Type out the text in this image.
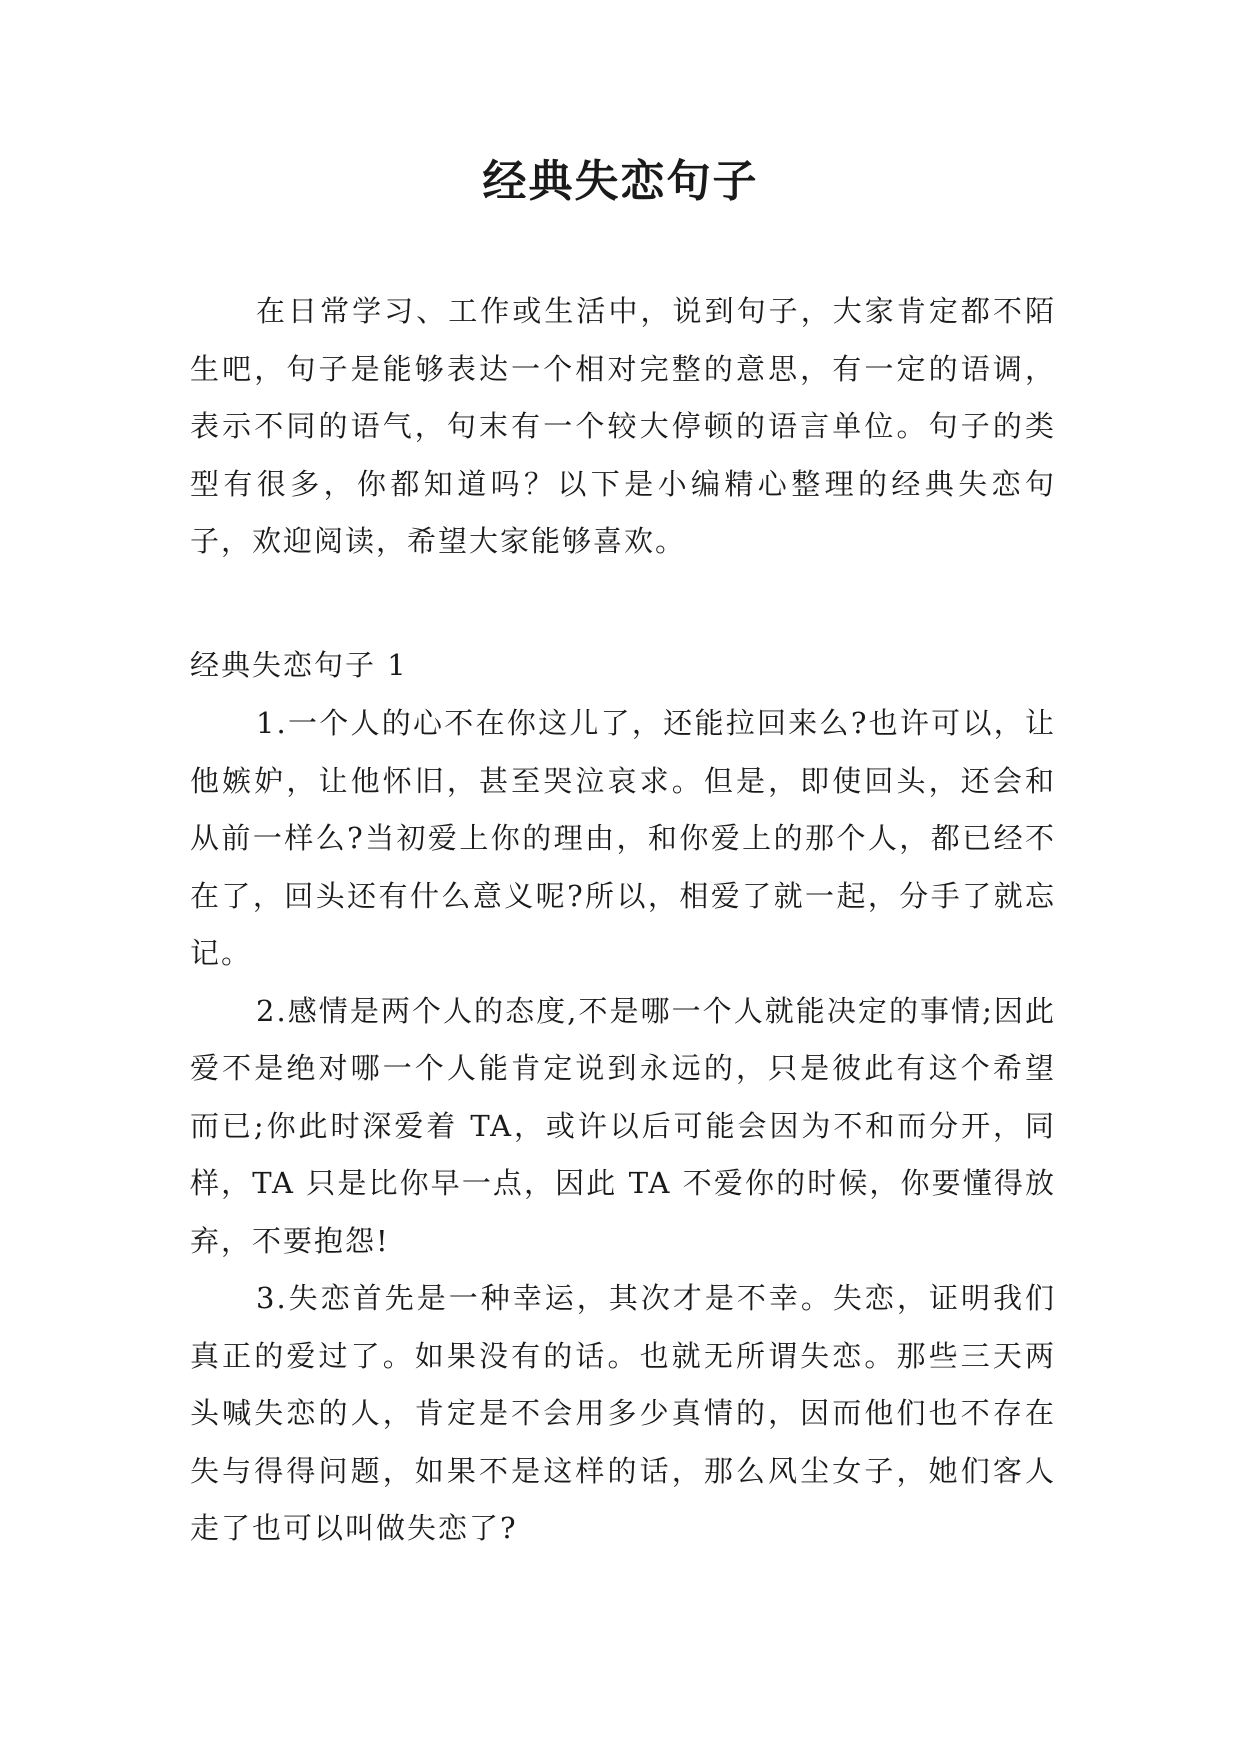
经典失恋句子

在日常学习、工作或生活中，说到句子，大家肯定都不陌生吧，句子是能够表达一个相对完整的意思，有一定的语调，表示不同的语气，句末有一个较大停顿的语言单位。句子的类型有很多，你都知道吗？以下是小编精心整理的经典失恋句子，欢迎阅读，希望大家能够喜欢。

经典失恋句子 1

1.一个人的心不在你这儿了，还能拉回来么?也许可以，让他嫉妒，让他怀旧，甚至哭泣哀求。但是，即使回头，还会和从前一样么?当初爱上你的理由，和你爱上的那个人，都已经不在了，回头还有什么意义呢?所以，相爱了就一起，分手了就忘记。
2.感情是两个人的态度,不是哪一个人就能决定的事情;因此爱不是绝对哪一个人能肯定说到永远的，只是彼此有这个希望而已;你此时深爱着 TA，或许以后可能会因为不和而分开，同样，TA 只是比你早一点，因此 TA 不爱你的时候，你要懂得放弃，不要抱怨!
3.失恋首先是一种幸运，其次才是不幸。失恋，证明我们真正的爱过了。如果没有的话。也就无所谓失恋。那些三天两头喊失恋的人，肯定是不会用多少真情的，因而他们也不存在失与得得问题，如果不是这样的话，那么风尘女子，她们客人走了也可以叫做失恋了?
